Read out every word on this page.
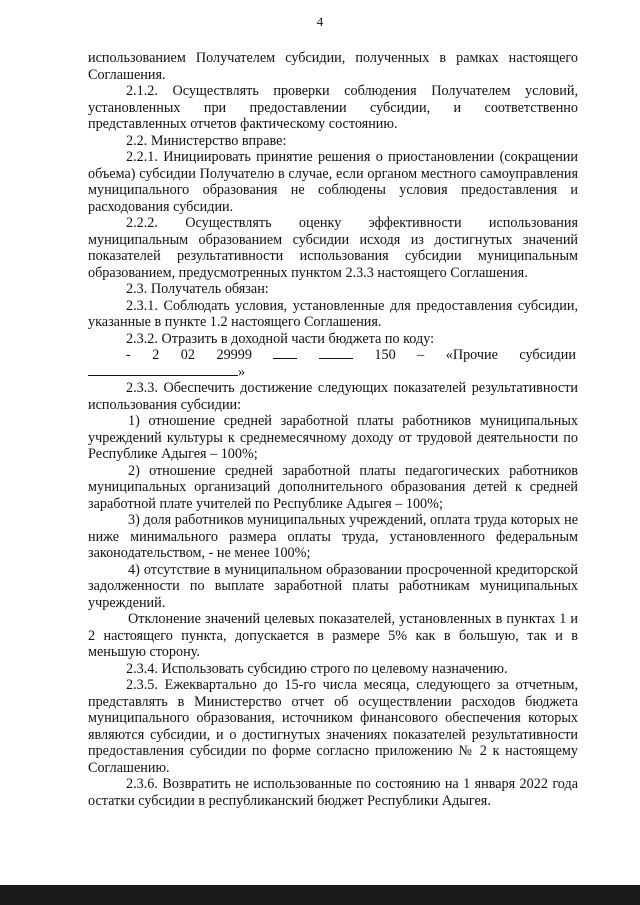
4

использованием Получателем субсидии, полученных в рамках настоящего Соглашения.

2.1.2. Осуществлять проверки соблюдения Получателем условий, установленных при предоставлении субсидии, и соответственно представленных отчетов фактическому состоянию.

2.2. Министерство вправе:

2.2.1. Инициировать принятие решения о приостановлении (сокращении объема) субсидии Получателю в случае, если органом местного самоуправления муниципального образования не соблюдены условия предоставления и расходования субсидии.

2.2.2. Осуществлять оценку эффективности использования муниципальным образованием субсидии исходя из достигнутых значений показателей результативности использования субсидии муниципальным образованием, предусмотренных пунктом 2.3.3 настоящего Соглашения.

2.3. Получатель обязан:

2.3.1. Соблюдать условия, установленные для предоставления субсидии, указанные в пункте 1.2 настоящего Соглашения.

2.3.2. Отразить в доходной части бюджета по коду:

- 2 02 29999	150 – «Прочие субсидии
»

2.3.3. Обеспечить достижение следующих показателей результативности использования субсидии:

1) отношение средней заработной платы работников муниципальных учреждений культуры к среднемесячному доходу от трудовой деятельности по Республике Адыгея – 100%;

2) отношение средней заработной платы педагогических работников муниципальных организаций дополнительного образования детей к средней заработной плате учителей по Республике Адыгея – 100%;

3) доля работников муниципальных учреждений, оплата труда которых не ниже минимального размера оплаты труда, установленного федеральным законодательством, - не менее 100%;

4) отсутствие в муниципальном образовании просроченной кредиторской задолженности по выплате заработной платы работникам муниципальных учреждений.

Отклонение значений целевых показателей, установленных в пунктах 1 и 2 настоящего пункта, допускается в размере 5% как в большую, так и в меньшую сторону.

2.3.4. Использовать субсидию строго по целевому назначению.

2.3.5. Ежеквартально до 15-го числа месяца, следующего за отчетным, представлять в Министерство отчет об осуществлении расходов бюджета муниципального образования, источником финансового обеспечения которых являются субсидии, и о достигнутых значениях показателей результативности предоставления субсидии по форме согласно приложению № 2 к настоящему Соглашению.

2.3.6. Возвратить не использованные по состоянию на 1 января 2022 года остатки субсидии в республиканский бюджет Республики Адыгея.
